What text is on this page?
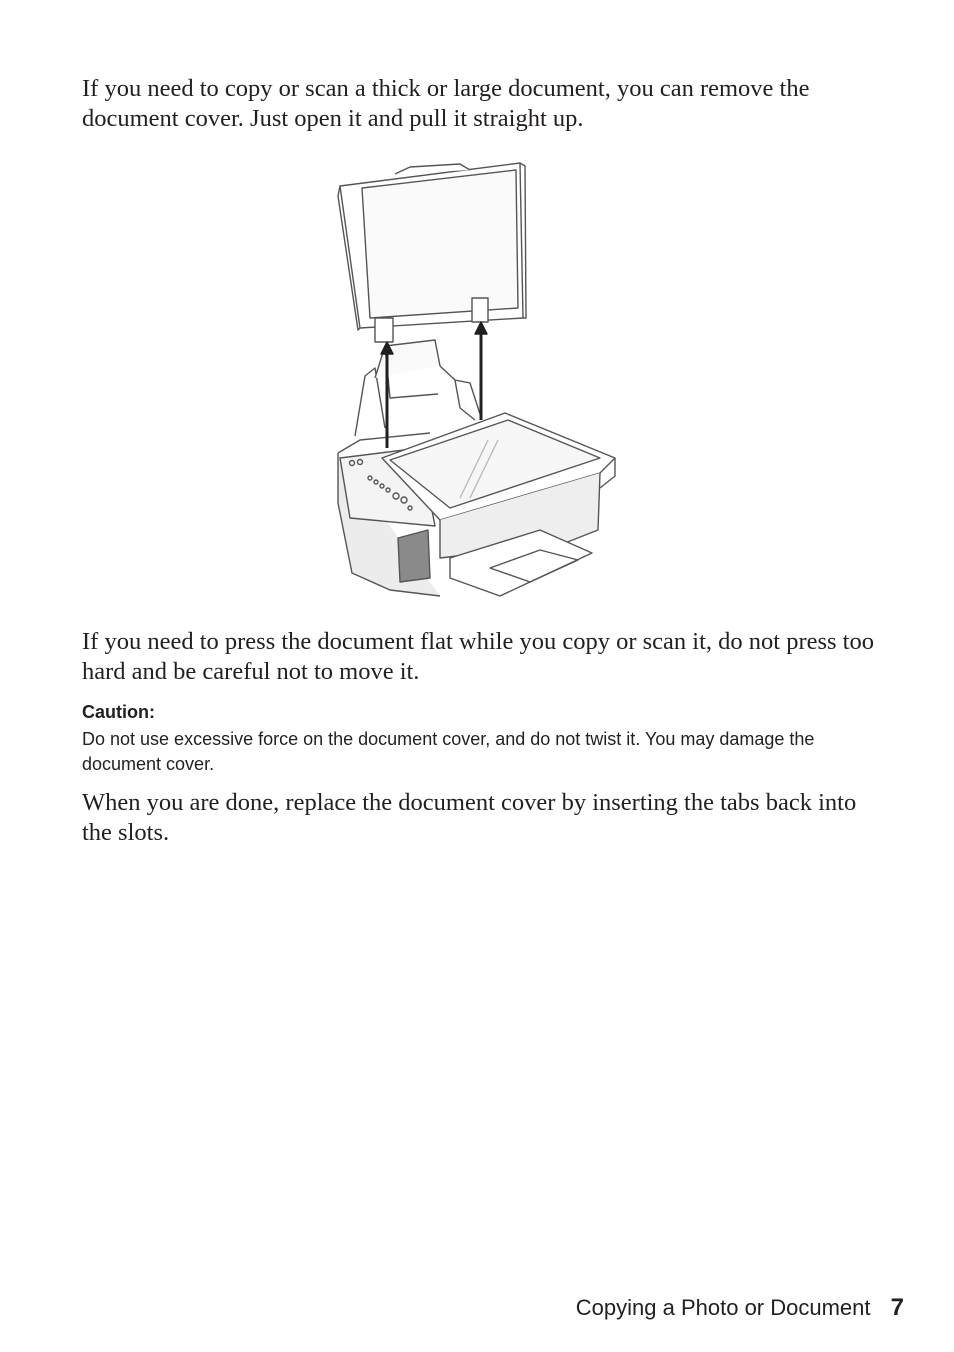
If you need to copy or scan a thick or large document, you can remove the document cover. Just open it and pull it straight up.

If you need to press the document flat while you copy or scan it, do not press too hard and be careful not to move it.

Caution:

Do not use excessive force on the document cover, and do not twist it. You may damage the document cover.

When you are done, replace the document cover by inserting the tabs back into the slots.

Copying a Photo or Document 7
